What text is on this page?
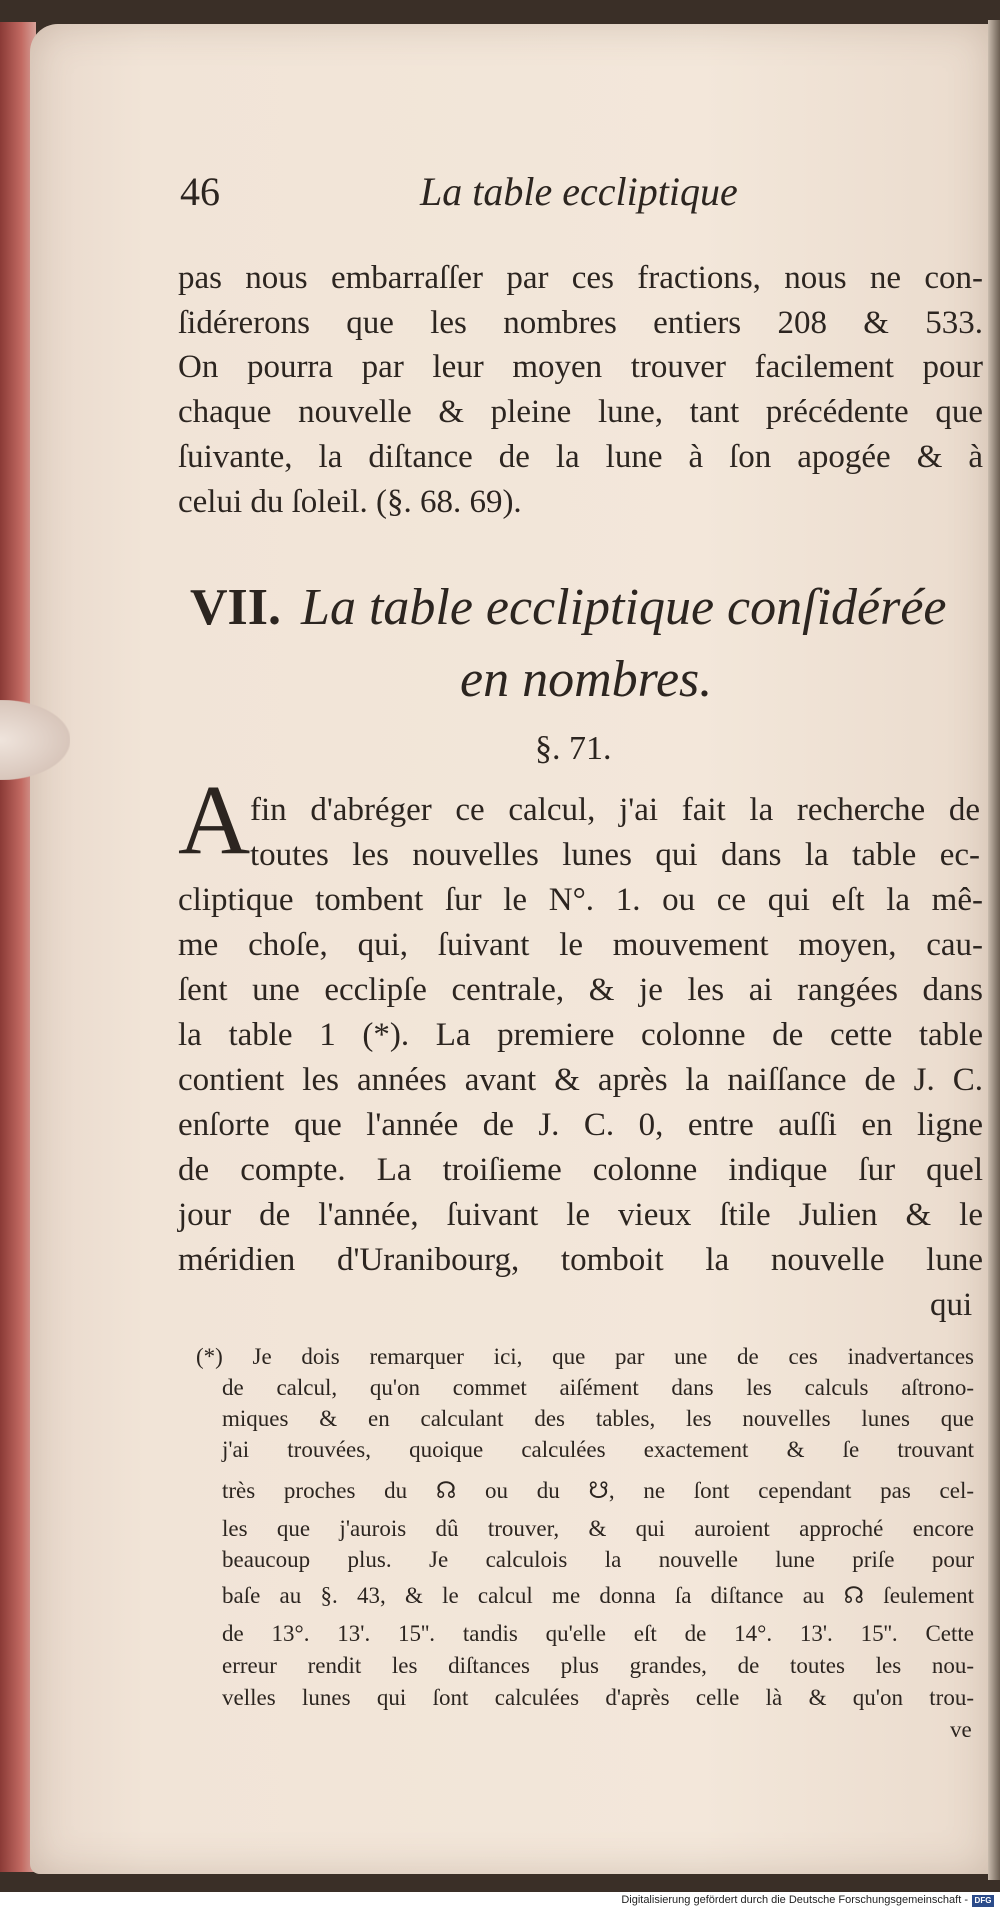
46	La table eccliptique
pas nous embarraſſer par ces fractions, nous ne con-
ſidérerons que les nombres entiers 208 & 533.
On pourra par leur moyen trouver facilement pour
chaque nouvelle & pleine lune, tant précédente que
ſuivante, la diſtance de la lune à ſon apogée & à
celui du ſoleil. (§. 68. 69).
VII. La table eccliptique conſidérée
en nombres.
§. 71.
A fin d'abréger ce calcul, j'ai fait la recherche de
toutes les nouvelles lunes qui dans la table ec-
cliptique tombent ſur le N°. 1. ou ce qui eſt la mê-
me choſe, qui, ſuivant le mouvement moyen, cau-
ſent une ecclipſe centrale, & je les ai rangées dans
la table 1 (*). La premiere colonne de cette table
contient les années avant & après la naiſſance de J. C.
enſorte que l'année de J. C. 0, entre auſſi en ligne
de compte. La troiſieme colonne indique ſur quel
jour de l'année, ſuivant le vieux ſtile Julien & le
méridien d'Uranibourg, tomboit la nouvelle lune
qui
(*) Je dois remarquer ici, que par une de ces inadvertances
de calcul, qu'on commet aiſément dans les calculs aſtrono-
miques & en calculant des tables, les nouvelles lunes que
j'ai trouvées, quoique calculées exactement & ſe trouvant
très proches du ☊ ou du ☋, ne ſont cependant pas cel-
les que j'aurois dû trouver, & qui auroient approché encore
beaucoup plus. Je calculois la nouvelle lune priſe pour
baſe au §. 43, & le calcul me donna ſa diſtance au ☊ ſeulement
de 13°. 13'. 15''. tandis qu'elle eſt de 14°. 13'. 15''. Cette
erreur rendit les diſtances plus grandes, de toutes les nou-
velles lunes qui ſont calculées d'après celle là & qu'on trou-
ve
Digitalisierung gefördert durch die Deutsche Forschungsgemeinschaft - DFG
